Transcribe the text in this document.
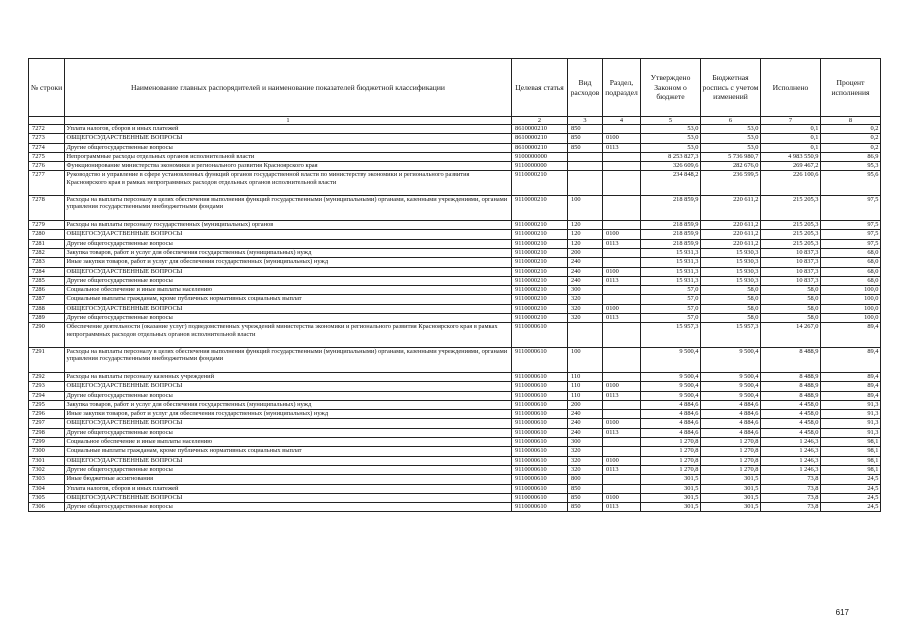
№ строки	Наименование главных распорядителей и наименование показателей бюджетной классификации	Целевая статья	Вид расходов	Раздел, подраздел	Утверждено Законом о бюджете	Бюджетная роспись с учетом изменений	Исполнено	Процент исполнения
	1	2	3	4	5	6	7	8
7272	Уплата налогов, сборов и иных платежей	8610000210	850		53,0	53,0	0,1	0,2
7273	ОБЩЕГОСУДАРСТВЕННЫЕ ВОПРОСЫ	8610000210	850	0100	53,0	53,0	0,1	0,2
7274	Другие общегосударственные вопросы	8610000210	850	0113	53,0	53,0	0,1	0,2
7275	Непрограммные расходы отдельных органов исполнительной власти	9100000000			8 253 827,3	5 736 980,7	4 983 550,9	86,9
7276	Функционирование министерства экономики и регионального развития Красноярского края	9110000000			326 609,6	282 676,0	269 467,2	95,3
7277	Руководство и управление в сфере установленных функций органов государственной власти по министерству экономики и регионального развития Красноярского края в рамках непрограммных расходов отдельных органов исполнительной власти	9110000210			234 848,2	236 599,5	226 100,6	95,6
7278	Расходы на выплаты персоналу в целях обеспечения выполнения функций государственными (муниципальными) органами, казенными учреждениями, органами управления государственными внебюджетными фондами	9110000210	100		218 859,9	220 611,2	215 205,3	97,5
7279	Расходы на выплаты персоналу государственных (муниципальных) органов	9110000210	120		218 859,9	220 611,2	215 205,3	97,5
7280	ОБЩЕГОСУДАРСТВЕННЫЕ ВОПРОСЫ	9110000210	120	0100	218 859,9	220 611,2	215 205,3	97,5
7281	Другие общегосударственные вопросы	9110000210	120	0113	218 859,9	220 611,2	215 205,3	97,5
7282	Закупка товаров, работ и услуг для обеспечения государственных (муниципальных) нужд	9110000210	200		15 931,3	15 930,3	10 837,3	68,0
7283	Иные закупки товаров, работ и услуг для обеспечения государственных (муниципальных) нужд	9110000210	240		15 931,3	15 930,3	10 837,3	68,0
7284	ОБЩЕГОСУДАРСТВЕННЫЕ ВОПРОСЫ	9110000210	240	0100	15 931,3	15 930,3	10 837,3	68,0
7285	Другие общегосударственные вопросы	9110000210	240	0113	15 931,3	15 930,3	10 837,3	68,0
7286	Социальное обеспечение и иные выплаты населению	9110000210	300		57,0	58,0	58,0	100,0
7287	Социальные выплаты гражданам, кроме публичных нормативных социальных выплат	9110000210	320		57,0	58,0	58,0	100,0
7288	ОБЩЕГОСУДАРСТВЕННЫЕ ВОПРОСЫ	9110000210	320	0100	57,0	58,0	58,0	100,0
7289	Другие общегосударственные вопросы	9110000210	320	0113	57,0	58,0	58,0	100,0
7290	Обеспечение деятельности (оказание услуг) подведомственных учреждений министерства экономики и регионального развития Красноярского края в рамках непрограммных расходов отдельных органов исполнительной власти	9110000610			15 957,3	15 957,3	14 267,0	89,4
7291	Расходы на выплаты персоналу в целях обеспечения выполнения функций государственными (муниципальными) органами, казенными учреждениями, органами управления государственными внебюджетными фондами	9110000610	100		9 500,4	9 500,4	8 488,9	89,4
7292	Расходы на выплаты персоналу казенных учреждений	9110000610	110		9 500,4	9 500,4	8 488,9	89,4
7293	ОБЩЕГОСУДАРСТВЕННЫЕ ВОПРОСЫ	9110000610	110	0100	9 500,4	9 500,4	8 488,9	89,4
7294	Другие общегосударственные вопросы	9110000610	110	0113	9 500,4	9 500,4	8 488,9	89,4
7295	Закупка товаров, работ и услуг для обеспечения государственных (муниципальных) нужд	9110000610	200		4 884,6	4 884,6	4 458,0	91,3
7296	Иные закупки товаров, работ и услуг для обеспечения государственных (муниципальных) нужд	9110000610	240		4 884,6	4 884,6	4 458,0	91,3
7297	ОБЩЕГОСУДАРСТВЕННЫЕ ВОПРОСЫ	9110000610	240	0100	4 884,6	4 884,6	4 458,0	91,3
7298	Другие общегосударственные вопросы	9110000610	240	0113	4 884,6	4 884,6	4 458,0	91,3
7299	Социальное обеспечение и иные выплаты населению	9110000610	300		1 270,8	1 270,8	1 246,3	98,1
7300	Социальные выплаты гражданам, кроме публичных нормативных социальных выплат	9110000610	320		1 270,8	1 270,8	1 246,3	98,1
7301	ОБЩЕГОСУДАРСТВЕННЫЕ ВОПРОСЫ	9110000610	320	0100	1 270,8	1 270,8	1 246,3	98,1
7302	Другие общегосударственные вопросы	9110000610	320	0113	1 270,8	1 270,8	1 246,3	98,1
7303	Иные бюджетные ассигнования	9110000610	800		301,5	301,5	73,8	24,5
7304	Уплата налогов, сборов и иных платежей	9110000610	850		301,5	301,5	73,8	24,5
7305	ОБЩЕГОСУДАРСТВЕННЫЕ ВОПРОСЫ	9110000610	850	0100	301,5	301,5	73,8	24,5
7306	Другие общегосударственные вопросы	9110000610	850	0113	301,5	301,5	73,8	24,5
617
